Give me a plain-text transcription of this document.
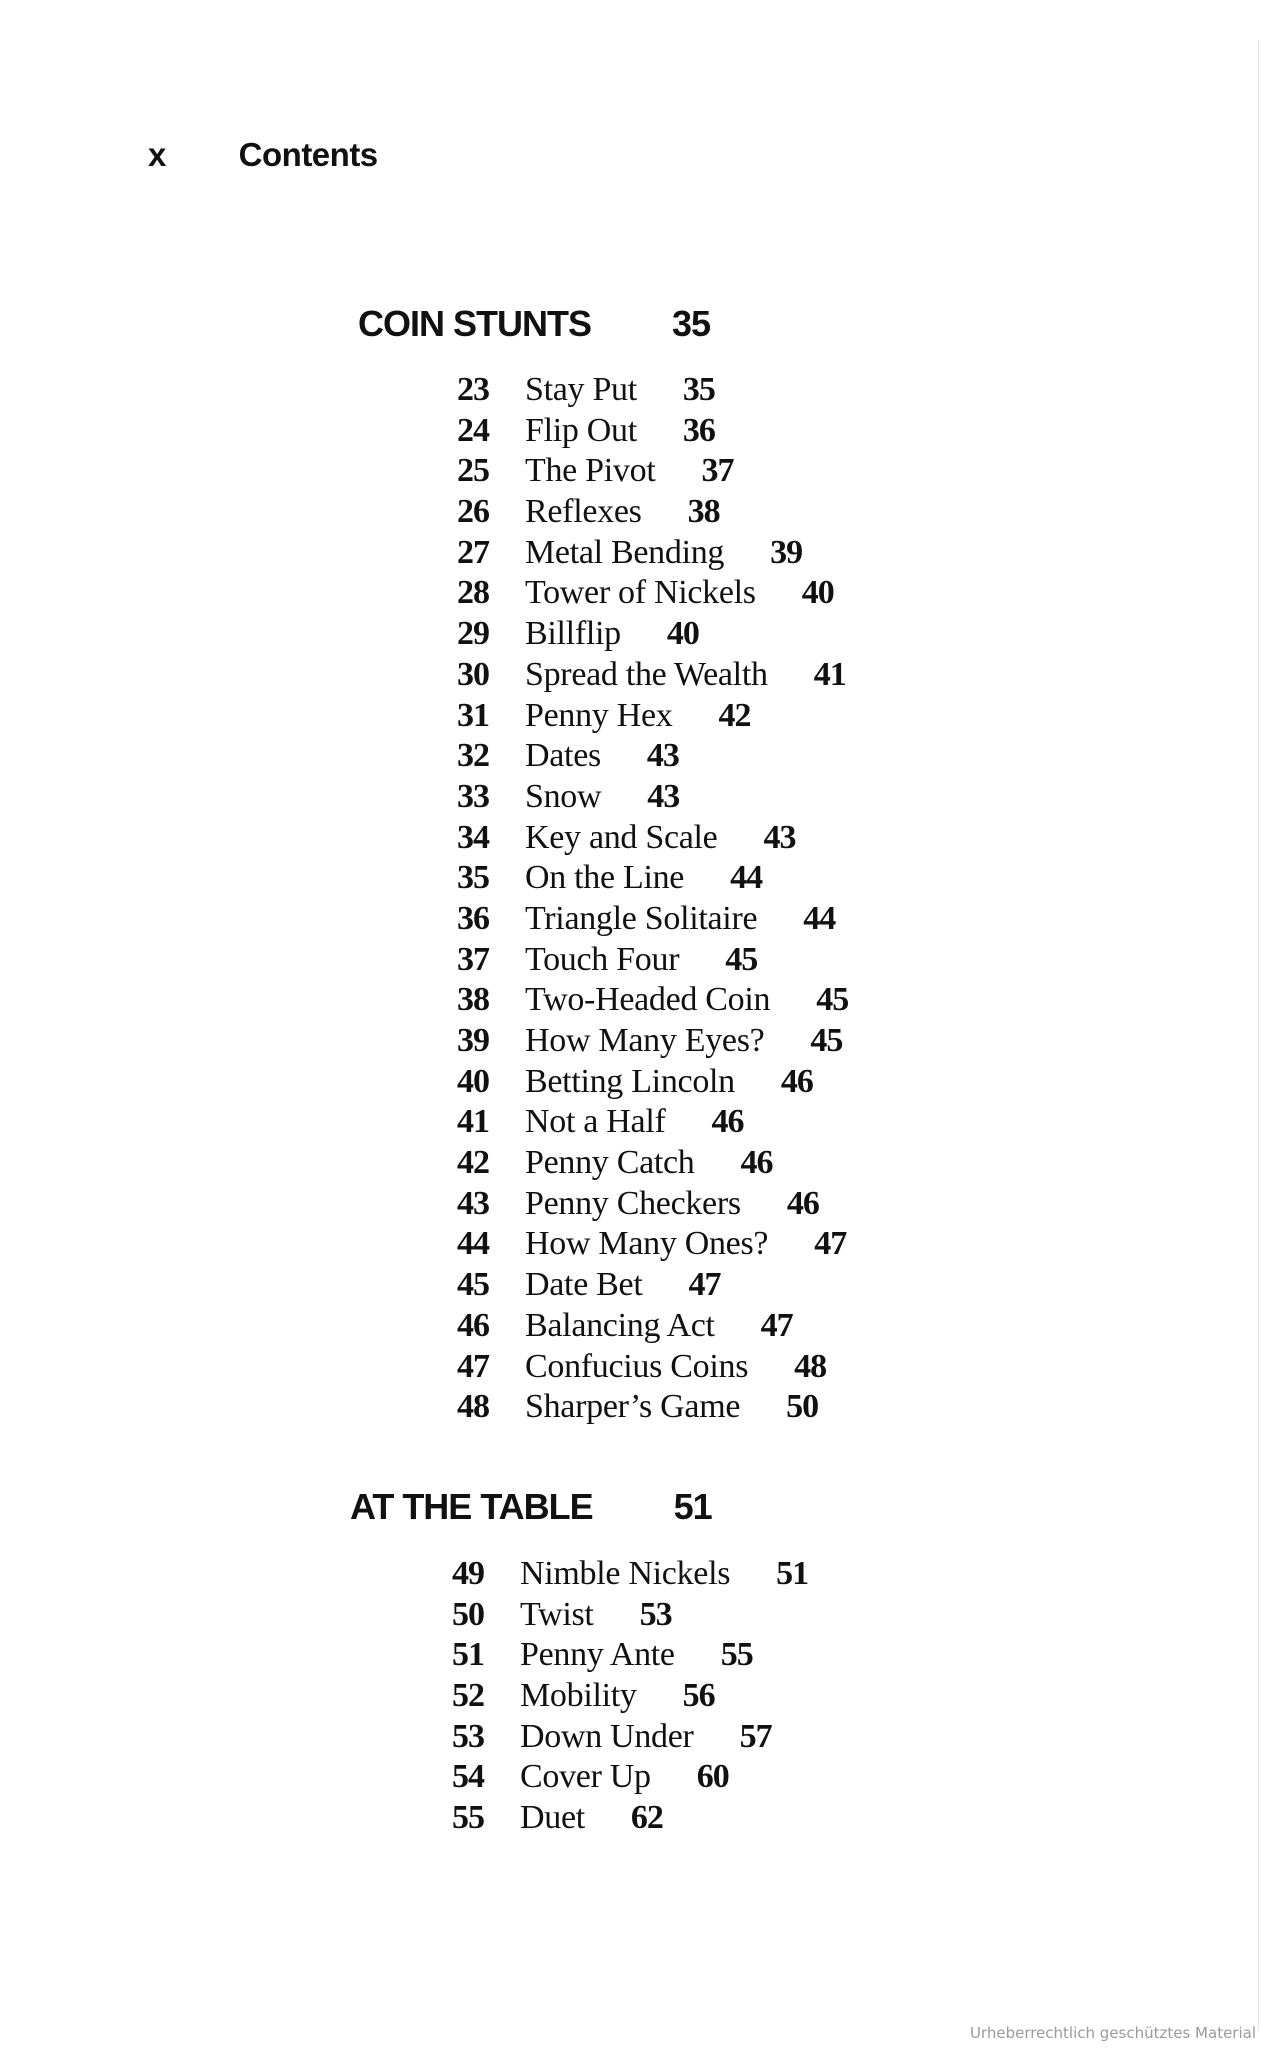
x Contents
COIN STUNTS 35
23 Stay Put 35
24 Flip Out 36
25 The Pivot 37
26 Reflexes 38
27 Metal Bending 39
28 Tower of Nickels 40
29 Billflip 40
30 Spread the Wealth 41
31 Penny Hex 42
32 Dates 43
33 Snow 43
34 Key and Scale 43
35 On the Line 44
36 Triangle Solitaire 44
37 Touch Four 45
38 Two-Headed Coin 45
39 How Many Eyes? 45
40 Betting Lincoln 46
41 Not a Half 46
42 Penny Catch 46
43 Penny Checkers 46
44 How Many Ones? 47
45 Date Bet 47
46 Balancing Act 47
47 Confucius Coins 48
48 Sharper’s Game 50
AT THE TABLE 51
49 Nimble Nickels 51
50 Twist 53
51 Penny Ante 55
52 Mobility 56
53 Down Under 57
54 Cover Up 60
55 Duet 62
Urheberrechtlich geschütztes Material
